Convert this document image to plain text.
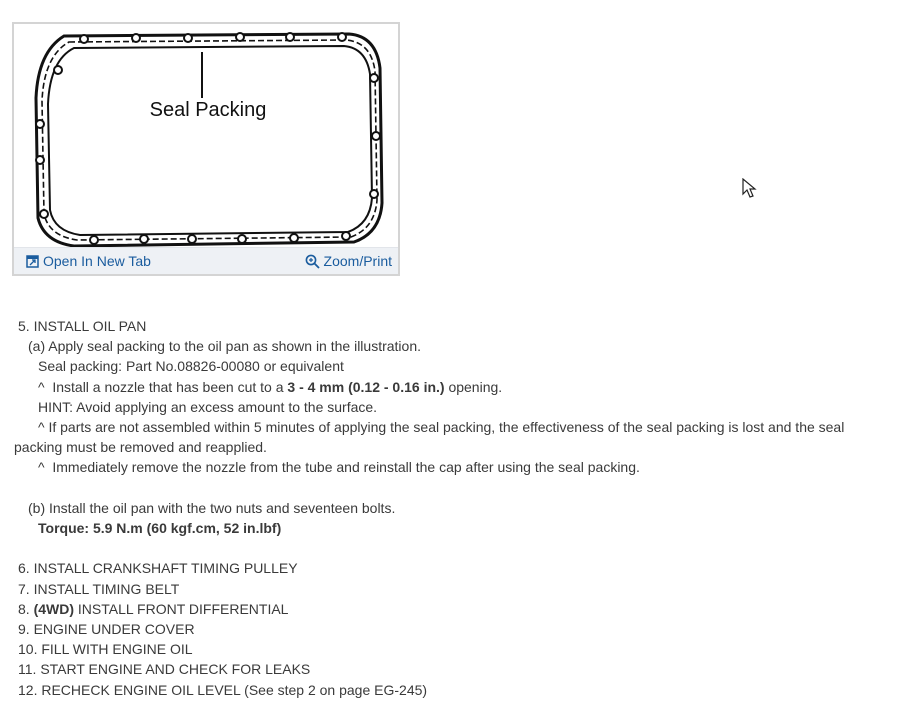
Seal Packing
Open In New Tab	Zoom/Print
5. INSTALL OIL PAN
(a) Apply seal packing to the oil pan as shown in the illustration.
Seal packing: Part No.08826-00080 or equivalent
^  Install a nozzle that has been cut to a 3 - 4 mm (0.12 - 0.16 in.) opening.
HINT: Avoid applying an excess amount to the surface.
^ If parts are not assembled within 5 minutes of applying the seal packing, the effectiveness of the seal packing is lost and the seal packing must be removed and reapplied.
^  Immediately remove the nozzle from the tube and reinstall the cap after using the seal packing.
(b) Install the oil pan with the two nuts and seventeen bolts.
Torque: 5.9 N.m (60 kgf.cm, 52 in.lbf)
6. INSTALL CRANKSHAFT TIMING PULLEY
7. INSTALL TIMING BELT
8. (4WD) INSTALL FRONT DIFFERENTIAL
9. ENGINE UNDER COVER
10. FILL WITH ENGINE OIL
11. START ENGINE AND CHECK FOR LEAKS
12. RECHECK ENGINE OIL LEVEL (See step 2 on page EG-245)
